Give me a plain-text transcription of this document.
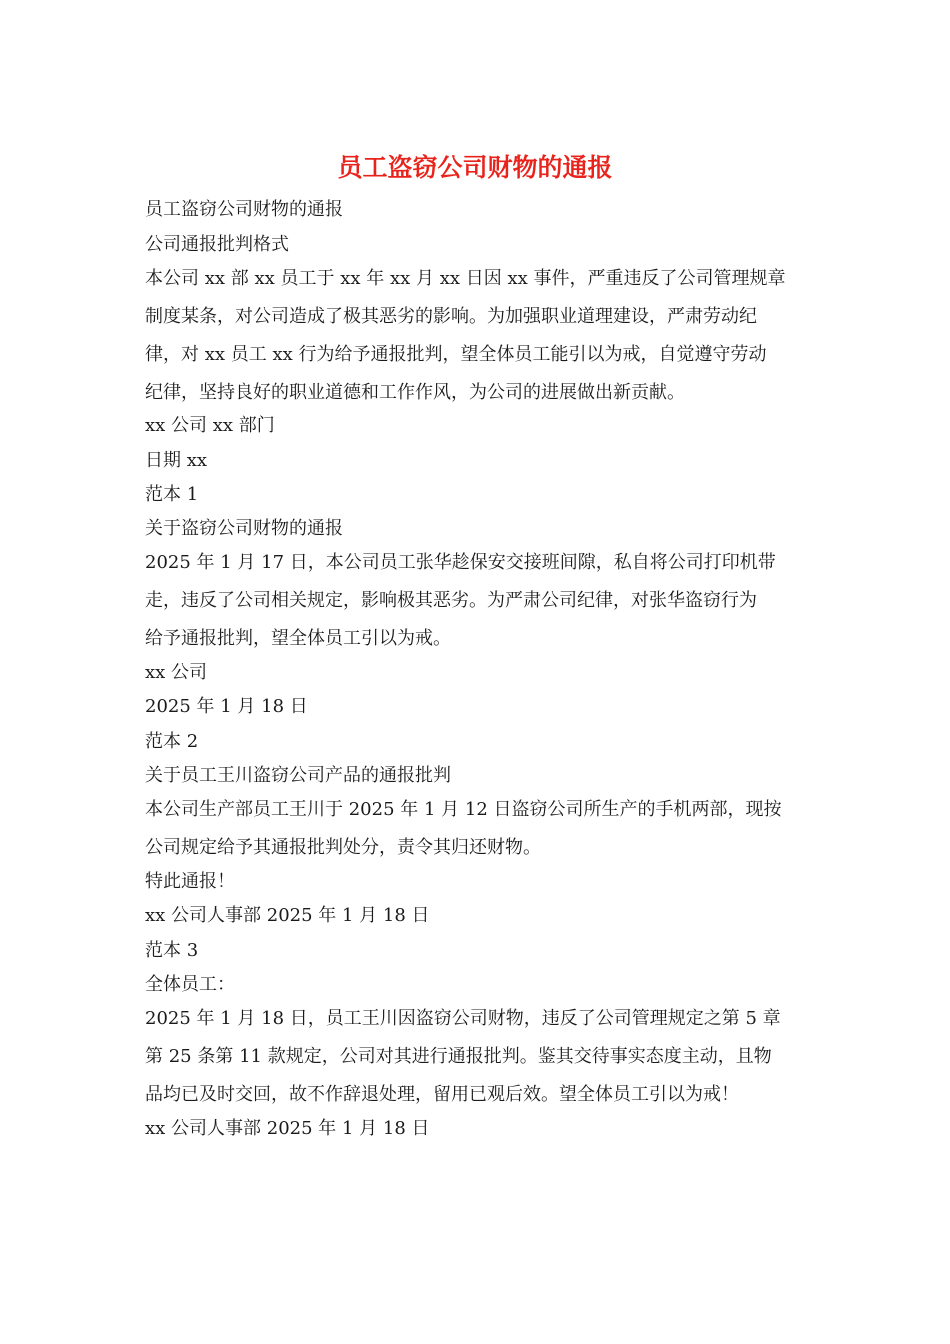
员工盗窃公司财物的通报
员工盗窃公司财物的通报
公司通报批判格式
本公司 xx 部 xx 员工于 xx 年 xx 月 xx 日因 xx 事件，严重违反了公司管理规章
制度某条，对公司造成了极其恶劣的影响。为加强职业道理建设，严肃劳动纪
律，对 xx 员工 xx 行为给予通报批判，望全体员工能引以为戒，自觉遵守劳动
纪律，坚持良好的职业道德和工作作风，为公司的进展做出新贡献。
xx 公司 xx 部门
日期 xx
范本 1
关于盗窃公司财物的通报
2025 年 1 月 17 日，本公司员工张华趁保安交接班间隙，私自将公司打印机带
走，违反了公司相关规定，影响极其恶劣。为严肃公司纪律，对张华盗窃行为
给予通报批判，望全体员工引以为戒。
xx 公司
2025 年 1 月 18 日
范本 2
关于员工王川盗窃公司产品的通报批判
本公司生产部员工王川于 2025 年 1 月 12 日盗窃公司所生产的手机两部，现按
公司规定给予其通报批判处分，责令其归还财物。
特此通报！
xx 公司人事部 2025 年 1 月 18 日
范本 3
全体员工：
2025 年 1 月 18 日，员工王川因盗窃公司财物，违反了公司管理规定之第 5 章
第 25 条第 11 款规定，公司对其进行通报批判。鉴其交待事实态度主动，且物
品均已及时交回，故不作辞退处理，留用已观后效。望全体员工引以为戒！
xx 公司人事部 2025 年 1 月 18 日
